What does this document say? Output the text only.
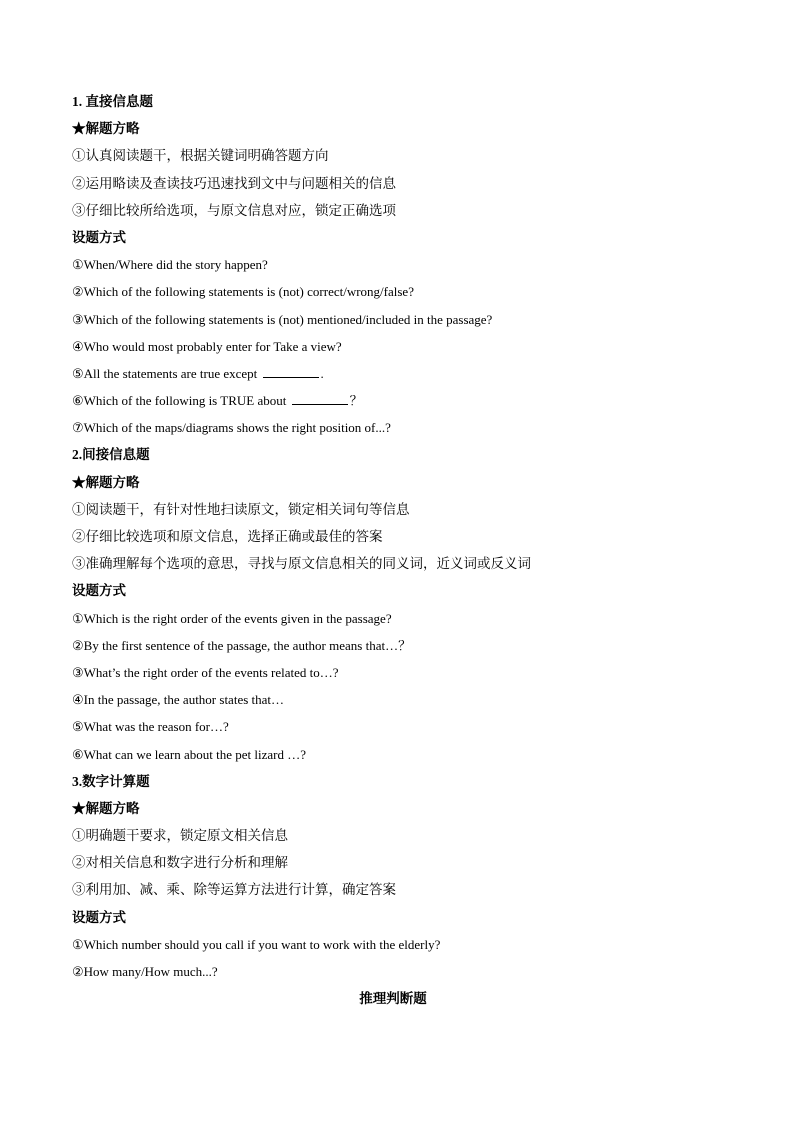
1. 直接信息题
★解题方略
①认真阅读题干，根据关键词明确答题方向
②运用略读及查读技巧迅速找到文中与问题相关的信息
③仔细比较所给选项，与原文信息对应，锁定正确选项
设题方式
①When/Where did the story happen?
②Which of the following statements is (not) correct/wrong/false?
③Which of the following statements is (not) mentioned/included in the passage?
④Who would most probably enter for Take a view?
⑤All the statements are true except	.
⑥Which of the following is TRUE about	？
⑦Which of the maps/diagrams shows the right position of...?
2.间接信息题
★解题方略
①阅读题干，有针对性地扫读原文，锁定相关词句等信息
②仔细比较选项和原文信息，选择正确或最佳的答案
③准确理解每个选项的意思，寻找与原文信息相关的同义词，近义词或反义词
设题方式
①Which is the right order of the events given in the passage?
②By the first sentence of the passage, the author means that…？
③What’s the right order of the events related to…?
④In the passage, the author states that…
⑤What was the reason for…?
⑥What can we learn about the pet lizard …?
3.数字计算题
★解题方略
①明确题干要求，锁定原文相关信息
②对相关信息和数字进行分析和理解
③利用加、减、乘、除等运算方法进行计算，确定答案
设题方式
①Which number should you call if you want to work with the elderly?
②How many/How much...?
推理判断题
